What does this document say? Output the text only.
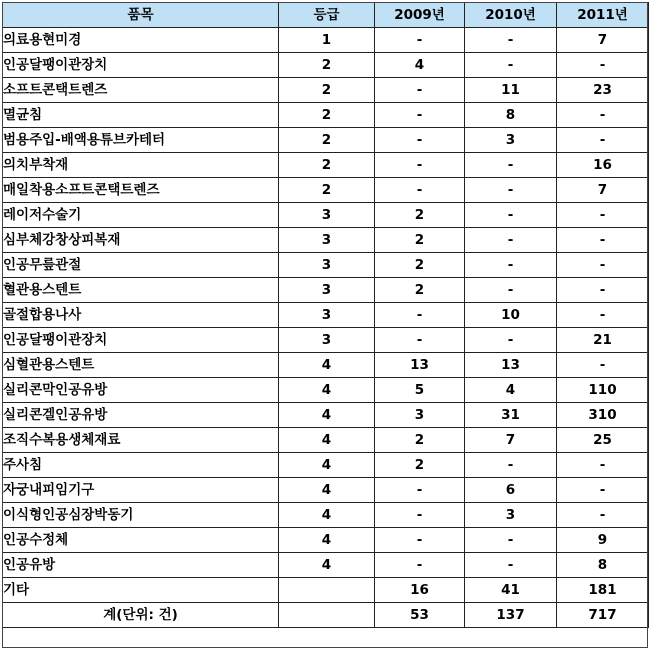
품목	등급	2009년	2010년	2011년
의료용현미경	1	-	-	7
인공달팽이관장치	2	4	-	-
소프트콘택트렌즈	2	-	11	23
멸균침	2	-	8	-
범용주입-배액용튜브카테터	2	-	3	-
의치부착재	2	-	-	16
매일착용소프트콘택트렌즈	2	-	-	7
레이저수술기	3	2	-	-
심부체강창상피복재	3	2	-	-
인공무릎관절	3	2	-	-
혈관용스텐트	3	2	-	-
골절합용나사	3	-	10	-
인공달팽이관장치	3	-	-	21
심혈관용스텐트	4	13	13	-
실리콘막인공유방	4	5	4	110
실리콘겔인공유방	4	3	31	310
조직수복용생체재료	4	2	7	25
주사침	4	2	-	-
자궁내피임기구	4	-	6	-
이식형인공심장박동기	4	-	3	-
인공수정체	4	-	-	9
인공유방	4	-	-	8
기타		16	41	181
계(단위: 건)		53	137	717
